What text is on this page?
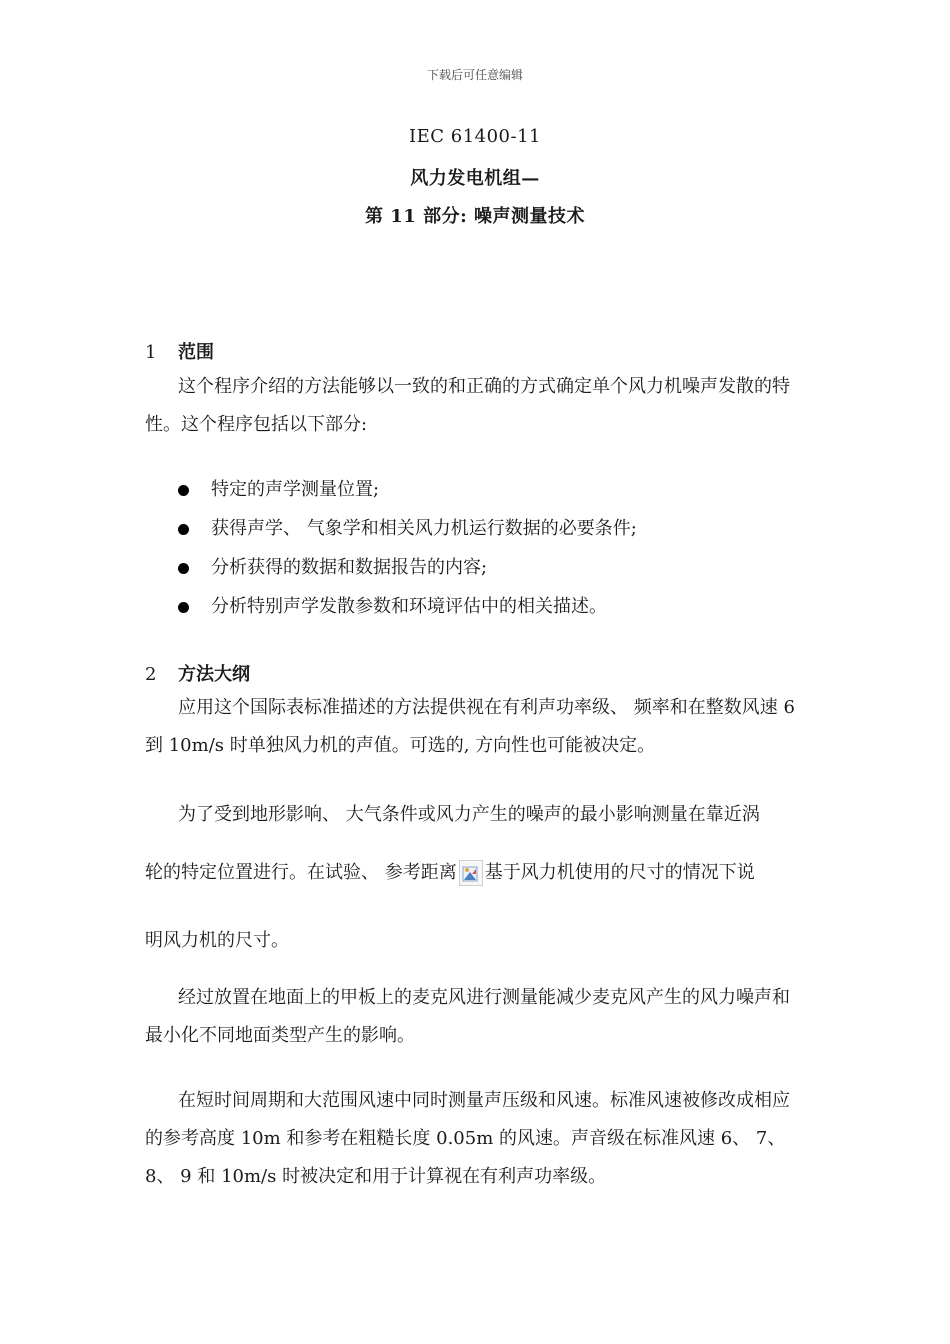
下载后可任意编辑
IEC 61400-11
风力发电机组—
第 11 部分: 噪声测量技术
1 范围
这个程序介绍的方法能够以一致的和正确的方式确定单个风力机噪声发散的特性。这个程序包括以下部分:
特定的声学测量位置;
获得声学、 气象学和相关风力机运行数据的必要条件;
分析获得的数据和数据报告的内容;
分析特别声学发散参数和环境评估中的相关描述。
2 方法大纲
应用这个国际表标准描述的方法提供视在有利声功率级、 频率和在整数风速 6 到 10m/s 时单独风力机的声值。可选的, 方向性也可能被决定。
为了受到地形影响、 大气条件或风力产生的噪声的最小影响测量在靠近涡
轮的特定位置进行。在试验、 参考距离 基于风力机使用的尺寸的情况下说
明风力机的尺寸。
经过放置在地面上的甲板上的麦克风进行测量能减少麦克风产生的风力噪声和最小化不同地面类型产生的影响。
在短时间周期和大范围风速中同时测量声压级和风速。标准风速被修改成相应的参考高度 10m 和参考在粗糙长度 0.05m 的风速。声音级在标准风速 6、 7、 8、 9 和 10m/s 时被决定和用于计算视在有利声功率级。
